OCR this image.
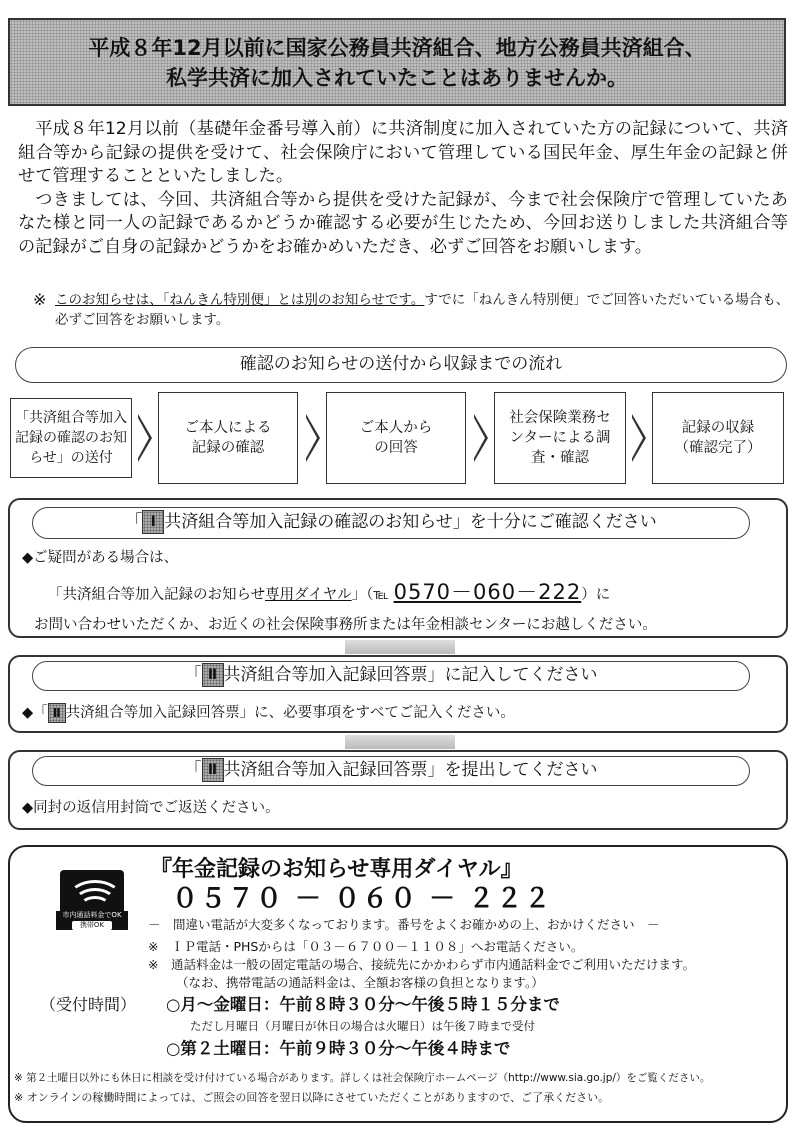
平成８年12月以前に国家公務員共済組合、地方公務員共済組合、
私学共済に加入されていたことはありませんか。

平成８年12月以前（基礎年金番号導入前）に共済制度に加入されていた方の記録について、共済組合等から記録の提供を受けて、社会保険庁において管理している国民年金、厚生年金の記録と併せて管理することといたしました。

つきましては、今回、共済組合等から提供を受けた記録が、今まで社会保険庁で管理していたあなた様と同一人の記録であるかどうか確認する必要が生じたため、今回お送りしました共済組合等の記録がご自身の記録かどうかをお確かめいただき、必ずご回答をお願いします。

※ このお知らせは、「ねんきん特別便」とは別のお知らせです。すでに「ねんきん特別便」でご回答いただいている場合も、必ずご回答をお願いします。
確認のお知らせの送付から収録までの流れ
「共済組合等加入記録の確認のお知らせ」の送付
ご本人による記録の確認
ご本人からの回答
社会保険業務センターによる調査・確認
記録の収録（確認完了）
「 Ⅰ 共済組合等加入記録の確認のお知らせ」を十分にご確認ください
◆ご疑問がある場合は、
「共済組合等加入記録のお知らせ専用ダイヤル」（℡ 0570－060－222）に
お問い合わせいただくか、お近くの社会保険事務所または年金相談センターにお越しください。
「 Ⅱ 共済組合等加入記録回答票」に記入してください
◆「 Ⅱ 共済組合等加入記録回答票」に、必要事項をすべてご記入ください。
「 Ⅱ 共済組合等加入記録回答票」を提出してください
◆同封の返信用封筒でご返送ください。
市内通話料金でOK
携帯OK
『年金記録のお知らせ専用ダイヤル』
０５７０ － ０６０ － ２２２
－　間違い電話が大変多くなっております。番号をよくお確かめの上、おかけください　－
※　ＩＰ電話・PHSからは「０３－６７００－１１０８」へお電話ください。
※　通話料金は一般の固定電話の場合、接続先にかかわらず市内通話料金でご利用いただけます。
（なお、携帯電話の通話料金は、全額お客様の負担となります。）
（受付時間） ○月～金曜日：午前８時３０分～午後５時１５分まで
ただし月曜日（月曜日が休日の場合は火曜日）は午後７時まで受付
○第２土曜日：午前９時３０分～午後４時まで
※ 第２土曜日以外にも休日に相談を受け付けている場合があります。詳しくは社会保険庁ホームページ（http://www.sia.go.jp/）をご覧ください。
※ オンラインの稼働時間によっては、ご照会の回答を翌日以降にさせていただくことがありますので、ご了承ください。
